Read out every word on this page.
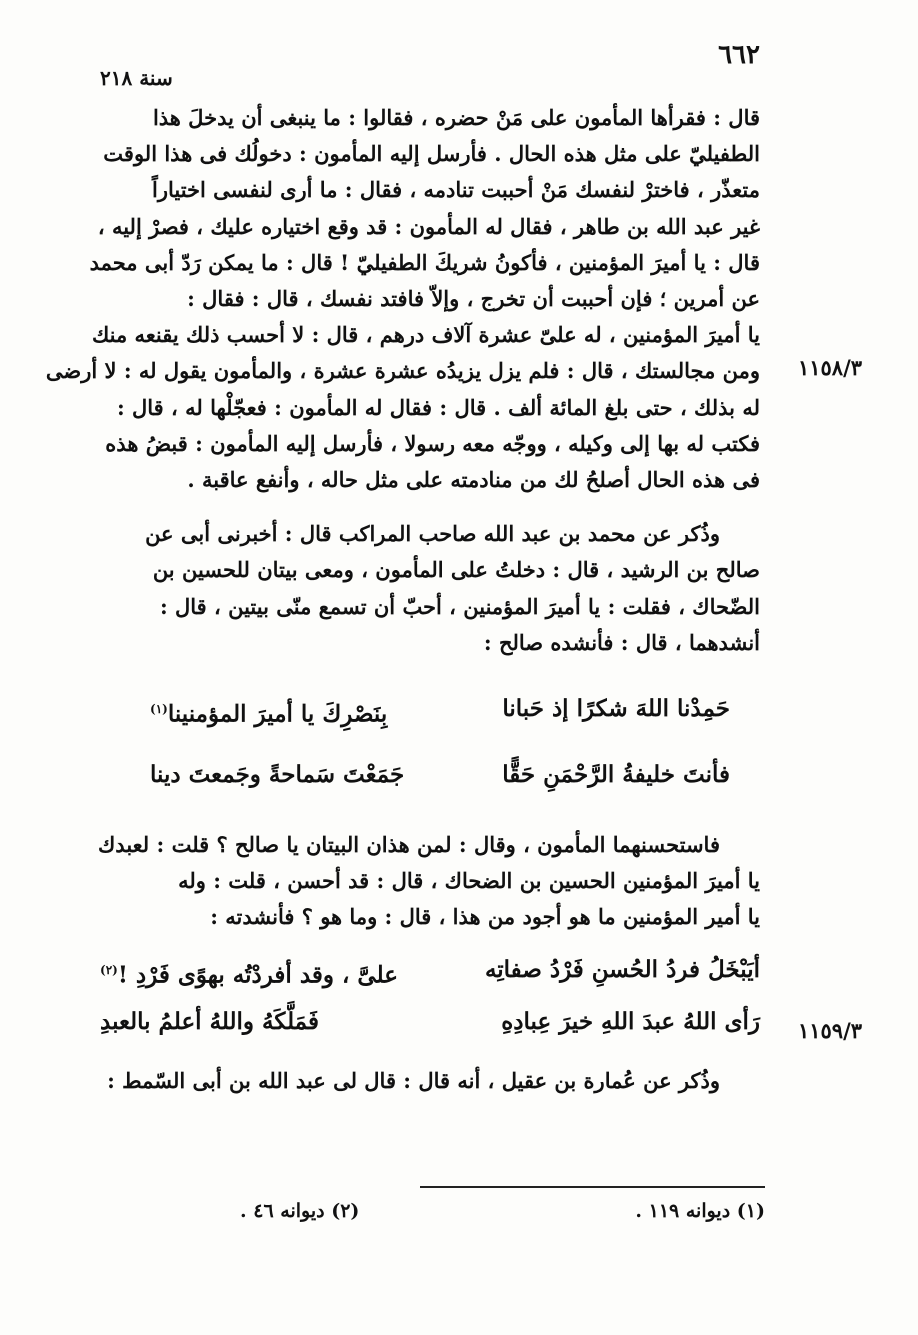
٦٦٢
سنة ٢١٨
١١٥٨/٣
١١٥٩/٣

قال : فقرأها المأمون على مَنْ حضره ، فقالوا : ما ينبغى أن يدخلَ هذا
الطفيليّ على مثل هذه الحال . فأرسل إليه المأمون : دخولُك فى هذا الوقت
متعذّر ، فاخترْ لنفسك مَنْ أحببت تنادمه ، فقال : ما أرى لنفسى اختياراً
غير عبد الله بن طاهر ، فقال له المأمون : قد وقع اختياره عليك ، فصرْ إليه ،
قال : يا أميرَ المؤمنين ، فأكونُ شريكَ الطفيليّ ! قال : ما يمكن رَدّ أبى محمد
عن أمرين ؛ فإن أحببت أن تخرج ، وإلاّ فافتد نفسك ، قال : فقال :
يا أميرَ المؤمنين ، له علىّ عشرة آلاف درهم ، قال : لا أحسب ذلك يقنعه منك
ومن مجالستك ، قال : فلم يزل يزيدُه عشرة عشرة ، والمأمون يقول له : لا أرضى
له بذلك ، حتى بلغ المائة ألف . قال : فقال له المأمون : فعجّلْها له ، قال :
فكتب له بها إلى وكيله ، ووجّه معه رسولا ، فأرسل إليه المأمون : قبضُ هذه
فى هذه الحال أصلحُ لك من منادمته على مثل حاله ، وأنفع عاقبة .

وذُكر عن محمد بن عبد الله صاحب المراكب قال : أخبرنى أبى عن
صالح بن الرشيد ، قال : دخلتُ على المأمون ، ومعى بيتان للحسين بن
الضّحاك ، فقلت : يا أميرَ المؤمنين ، أحبّ أن تسمع منّى بيتين ، قال :
أنشدهما ، قال : فأنشده صالح :

حَمِدْنا اللهَ شكرًا إذ حَبانا
بِنَصْرِكَ يا أميرَ المؤمنينا$^{(١)}$
فأنتَ خليفةُ الرَّحْمَنِ حَقًّا
جَمَعْتَ سَماحةً وجَمعتَ دينا

فاستحسنهما المأمون ، وقال : لمن هذان البيتان يا صالح ؟ قلت : لعبدك
يا أميرَ المؤمنين الحسين بن الضحاك ، قال : قد أحسن ، قلت : وله
يا أمير المؤمنين ما هو أجود من هذا ، قال : وما هو ؟ فأنشدته :

أيَبْخَلُ فردُ الحُسنِ فَرْدُ صفاتِه
علىَّ ، وقد أفردْتُه بهوًى فَرْدِ !$^{(٢)}$
رَأى اللهُ عبدَ اللهِ خيرَ عِبادِهِ
فَمَلَّكَهُ واللهُ أعلمُ بالعبدِ

وذُكر عن عُمارة بن عقيل ، أنه قال : قال لى عبد الله بن أبى السّمط :

(١) ديوانه ١١٩ .
(٢) ديوانه ٤٦ .
